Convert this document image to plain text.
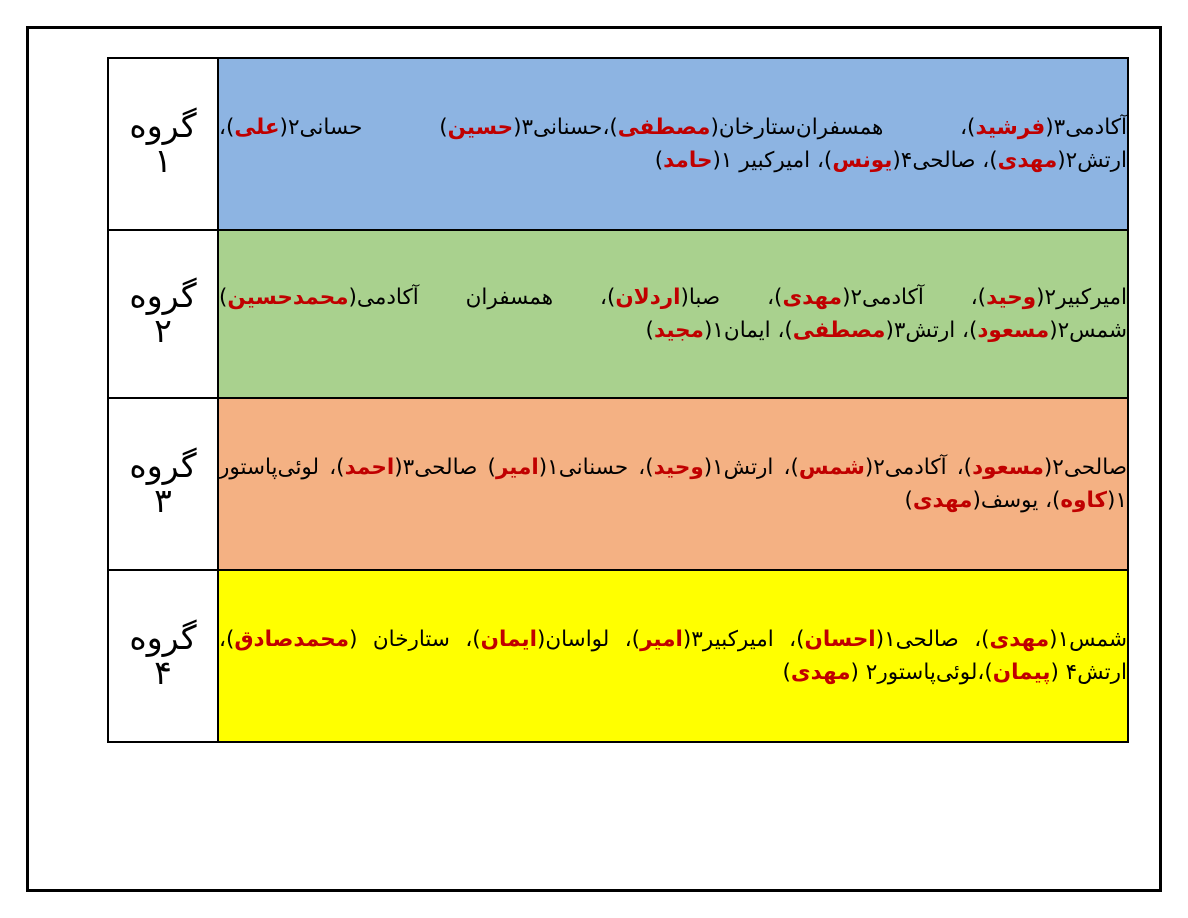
آکادمی۳(فرشید)، همسفران‌ستارخان(مصطفی)،حسنانی۳(حسین) حسانی۲(علی)، ارتش۲(مهدی)، صالحی۴(یونس)، امیرکبیر ۱(حامد)	گروه
۱

امیرکبیر۲(وحید)، آکادمی۲(مهدی)، صبا(اردلان)، همسفران آکادمی(محمدحسین) شمس۲(مسعود)، ارتش۳(مصطفی)، ایمان۱(مجید)	گروه
۲

صالحی۲(مسعود)، آکادمی۲(شمس)، ارتش۱(وحید)، حسنانی۱(امیر) صالحی۳(احمد)، لوئی‌پاستور ۱(کاوه)، یوسف(مهدی)	گروه
۳

شمس۱(مهدی)، صالحی۱(احسان)، امیرکبیر۳(امیر)، لواسان(ایمان)، ستارخان (محمدصادق)، ارتش۴ (پیمان)،لوئی‌پاستور۲ (مهدی)	گروه
۴
